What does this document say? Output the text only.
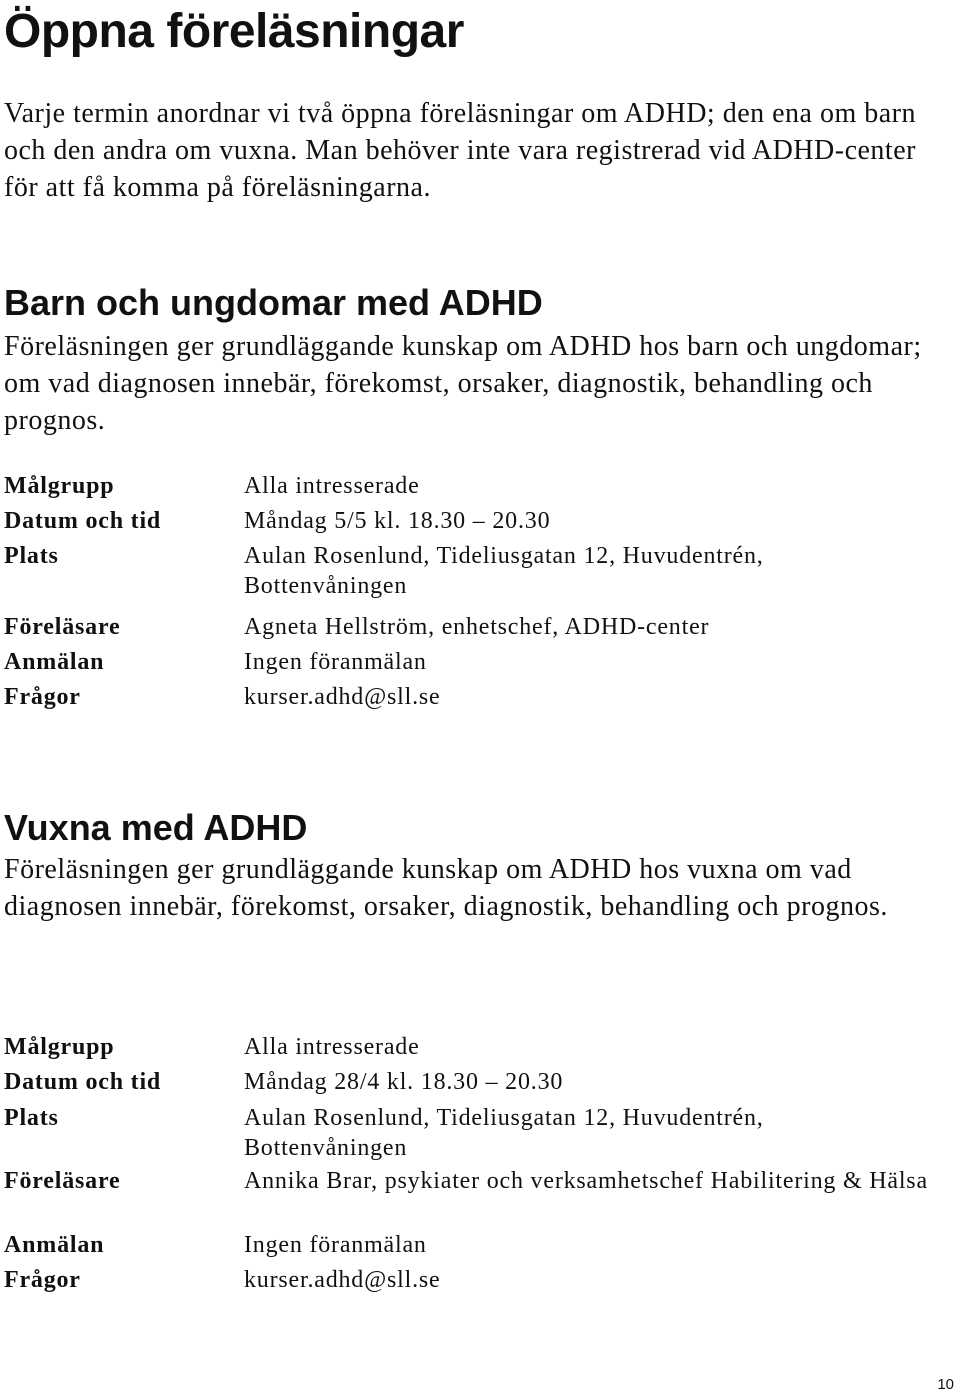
Öppna föreläsningar

Varje termin anordnar vi två öppna föreläsningar om ADHD; den ena om barn och den andra om vuxna. Man behöver inte vara registrerad vid ADHD-center för att få komma på föreläsningarna.

Barn och ungdomar med ADHD

Föreläsningen ger grundläggande kunskap om ADHD hos barn och ungdomar; om vad diagnosen innebär, förekomst, orsaker, diagnostik, behandling och prognos.

Målgrupp	Alla intresserade
Datum och tid	Måndag 5/5 kl. 18.30 – 20.30
Plats	Aulan Rosenlund, Tideliusgatan 12, Huvudentrén, Bottenvåningen
Föreläsare	Agneta Hellström, enhetschef, ADHD-center
Anmälan	Ingen föranmälan
Frågor	kurser.adhd@sll.se
Vuxna med ADHD

Föreläsningen ger grundläggande kunskap om ADHD hos vuxna om vad diagnosen innebär, förekomst, orsaker, diagnostik, behandling och prognos.

Målgrupp	Alla intresserade
Datum och tid	Måndag 28/4 kl. 18.30 – 20.30
Plats	Aulan Rosenlund, Tideliusgatan 12, Huvudentrén, Bottenvåningen
Föreläsare	Annika Brar, psykiater och verksamhetschef Habilitering & Hälsa
Anmälan	Ingen föranmälan
Frågor	kurser.adhd@sll.se
10
